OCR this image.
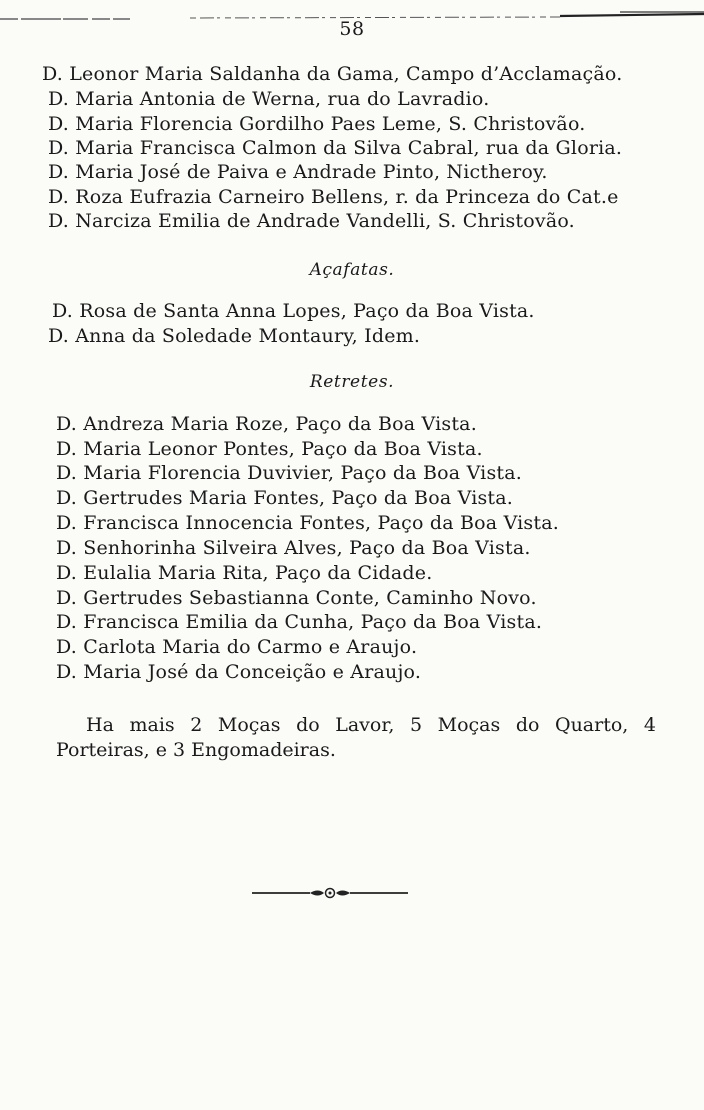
58
D. Leonor Maria Saldanha da Gama, Campo d’Acclamação.
D. Maria Antonia de Werna, rua do Lavradio.
D. Maria Florencia Gordilho Paes Leme, S. Christovão.
D. Maria Francisca Calmon da Silva Cabral, rua da Gloria.
D. Maria José de Paiva e Andrade Pinto, Nictheroy.
D. Roza Eufrazia Carneiro Bellens, r. da Princeza do Cat.e
D. Narciza Emilia de Andrade Vandelli, S. Christovão.
Açafatas.
D. Rosa de Santa Anna Lopes, Paço da Boa Vista.
D. Anna da Soledade Montaury, Idem.
Retretes.
D. Andreza Maria Roze, Paço da Boa Vista.
D. Maria Leonor Pontes, Paço da Boa Vista.
D. Maria Florencia Duvivier, Paço da Boa Vista.
D. Gertrudes Maria Fontes, Paço da Boa Vista.
D. Francisca Innocencia Fontes, Paço da Boa Vista.
D. Senhorinha Silveira Alves, Paço da Boa Vista.
D. Eulalia Maria Rita, Paço da Cidade.
D. Gertrudes Sebastianna Conte, Caminho Novo.
D. Francisca Emilia da Cunha, Paço da Boa Vista.
D. Carlota Maria do Carmo e Araujo.
D. Maria José da Conceição e Araujo.
Ha mais 2 Moças do Lavor, 5 Moças do Quarto, 4 Porteiras, e 3 Engomadeiras.
